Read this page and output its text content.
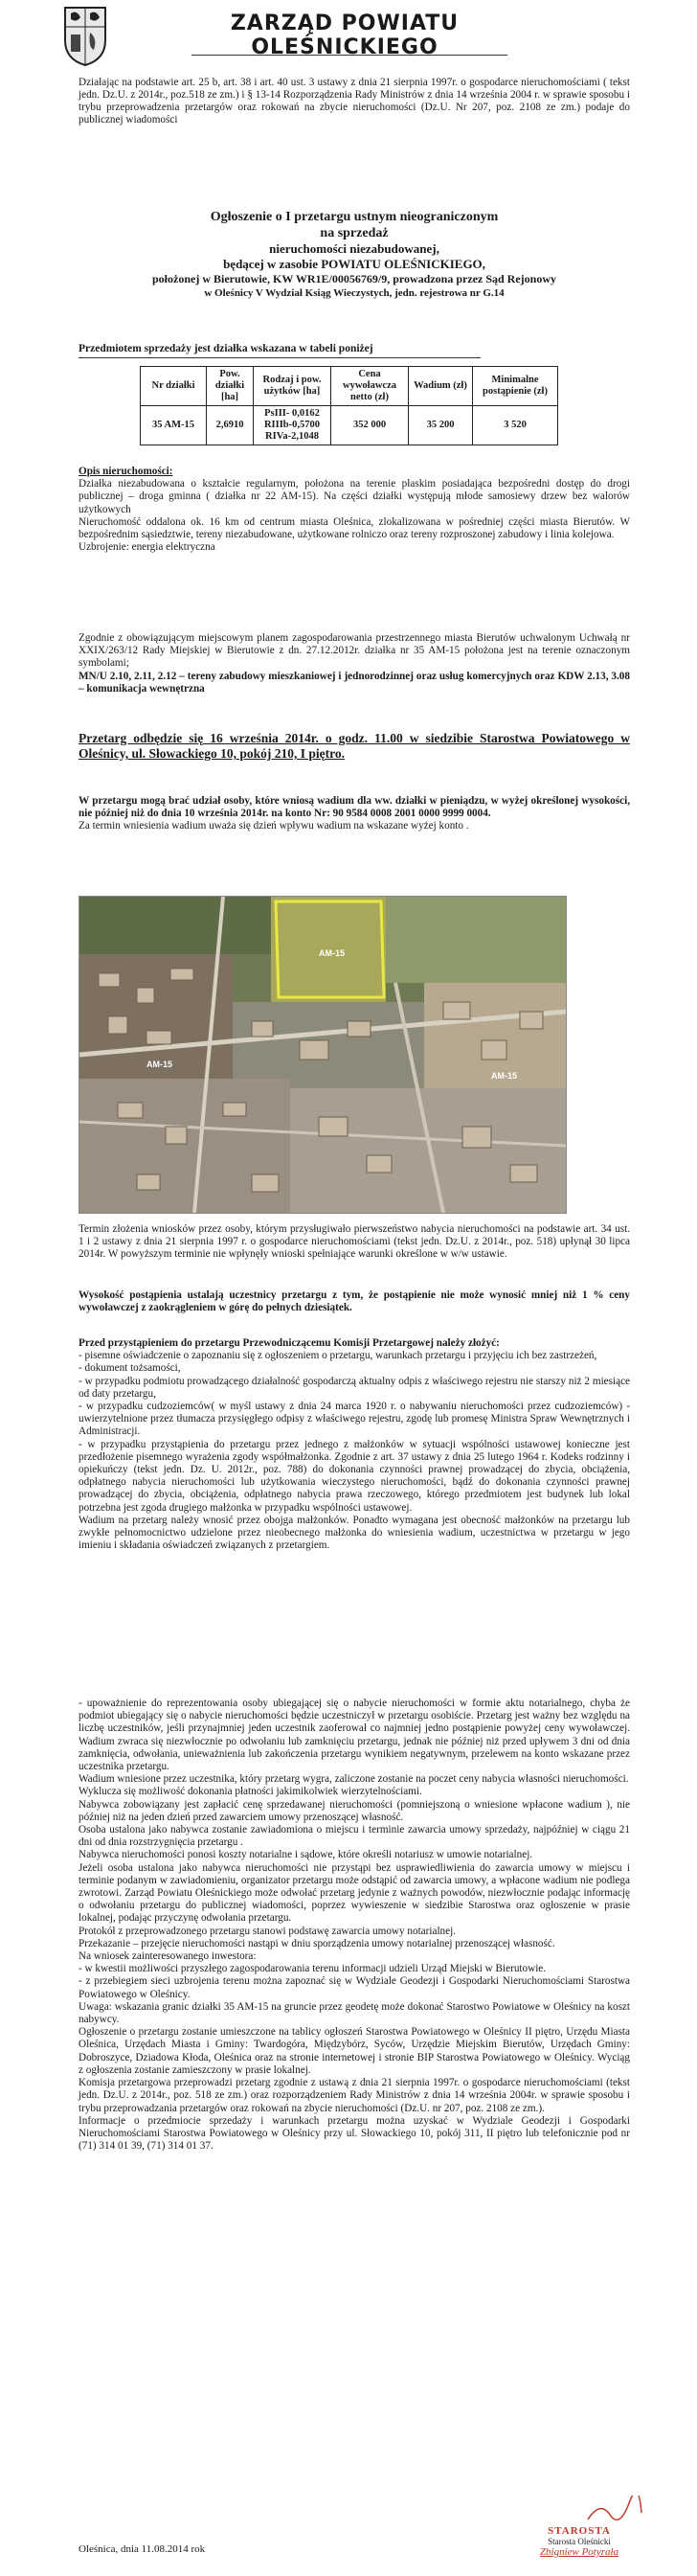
ZARZĄD POWIATU OLEŚNICKIEGO
Działając na podstawie art. 25 b, art. 38 i art. 40 ust. 3 ustawy z dnia 21 sierpnia 1997r. o gospodarce nieruchomościami ( tekst jedn. Dz.U. z 2014r., poz.518 ze zm.) i § 13-14 Rozporządzenia Rady Ministrów z dnia 14 września 2004 r. w sprawie sposobu i trybu przeprowadzenia przetargów oraz rokowań na zbycie nieruchomości (Dz.U. Nr 207, poz. 2108 ze zm.) podaje do publicznej wiadomości
Ogłoszenie o I przetargu ustnym nieograniczonym
na sprzedaż
nieruchomości niezabudowanej,
będącej w zasobie POWIATU OLEŚNICKIEGO,
położonej w Bierutowie, KW WR1E/00056769/9, prowadzona przez Sąd Rejonowy
w Oleśnicy V Wydział Ksiąg Wieczystych, jedn. rejestrowa nr G.14
Przedmiotem sprzedaży jest działka wskazana w tabeli poniżej
Nr działki	Pow. działki [ha]	Rodzaj i pow. użytków [ha]	Cena wywoławcza netto (zł)	Wadium (zł)	Minimalne postąpienie (zł)
35 AM-15	2,6910	PsIII- 0,0162
RIIIb-0,5700
RIVa-2,1048	352 000	35 200	3 520
Opis nieruchomości:
Działka niezabudowana o kształcie regularnym, położona na terenie płaskim posiadająca bezpośredni dostęp do drogi publicznej – droga gminna ( działka nr 22 AM-15). Na części działki występują młode samosiewy drzew bez walorów użytkowych
Nieruchomość oddalona ok. 16 km od centrum miasta Oleśnica, zlokalizowana w pośredniej części miasta Bierutów. W bezpośrednim sąsiedztwie, tereny niezabudowane, użytkowane rolniczo oraz tereny rozproszonej zabudowy i linia kolejowa.
Uzbrojenie: energia elektryczna
Zgodnie z obowiązującym miejscowym planem zagospodarowania przestrzennego miasta Bierutów uchwalonym Uchwałą nr XXIX/263/12 Rady Miejskiej w Bierutowie z dn. 27.12.2012r. działka nr 35 AM-15 położona jest na terenie oznaczonym symbolami;
MN/U 2.10, 2.11, 2.12 – tereny zabudowy mieszkaniowej i jednorodzinnej oraz usług komercyjnych oraz KDW 2.13, 3.08 – komunikacja wewnętrzna
Przetarg odbędzie się 16 września 2014r. o godz. 11.00 w siedzibie Starostwa Powiatowego w Oleśnicy, ul. Słowackiego 10, pokój 210, I piętro.
W przetargu mogą brać udział osoby, które wniosą wadium dla ww. działki w pieniądzu, w wyżej określonej wysokości, nie później niż do dnia 10 września 2014r. na konto Nr: 90 9584 0008 2001 0000 9999 0004.
Za termin wniesienia wadium uważa się dzień wpływu wadium na wskazane wyżej konto .
AM-15
AM-15
AM-15
Termin złożenia wniosków przez osoby, którym przysługiwało pierwszeństwo nabycia nieruchomości na podstawie art. 34 ust. 1 i 2 ustawy z dnia 21 sierpnia 1997 r. o gospodarce nieruchomościami (tekst jedn. Dz.U. z 2014r., poz. 518) upłynął 30 lipca 2014r. W powyższym terminie nie wpłynęły wnioski spełniające warunki określone w w/w ustawie.
Wysokość postąpienia ustalają uczestnicy przetargu z tym, że postąpienie nie może wynosić mniej niż 1 % ceny wywoławczej z zaokrągleniem w górę do pełnych dziesiątek.
Przed przystąpieniem do przetargu Przewodniczącemu Komisji Przetargowej należy złożyć:
- pisemne oświadczenie o zapoznaniu się z ogłoszeniem o przetargu, warunkach przetargu i przyjęciu ich bez zastrzeżeń,
- dokument tożsamości,
- w przypadku podmiotu prowadzącego działalność gospodarczą aktualny odpis z właściwego rejestru nie starszy niż 2 miesiące od daty przetargu,
- w przypadku cudzoziemców( w myśl ustawy z dnia 24 marca 1920 r. o nabywaniu nieruchomości przez cudzoziemców) - uwierzytelnione przez tłumacza przysięgłego odpisy z właściwego rejestru, zgodę lub promesę Ministra Spraw Wewnętrznych i Administracji.
- w przypadku przystąpienia do przetargu przez jednego z małżonków w sytuacji wspólności ustawowej konieczne jest przedłożenie pisemnego wyrażenia zgody współmałżonka. Zgodnie z art. 37 ustawy z dnia 25 lutego 1964 r. Kodeks rodzinny i opiekuńczy (tekst jedn. Dz. U. 2012r., poz. 788) do dokonania czynności prawnej prowadzącej do zbycia, obciążenia, odpłatnego nabycia nieruchomości lub użytkowania wieczystego nieruchomości, bądź do dokonania czynności prawnej prowadzącej do zbycia, obciążenia, odpłatnego nabycia prawa rzeczowego, którego przedmiotem jest budynek lub lokal potrzebna jest zgoda drugiego małżonka w przypadku wspólności ustawowej.
Wadium na przetarg należy wnosić przez obojga małżonków. Ponadto wymagana jest obecność małżonków na przetargu lub zwykłe pełnomocnictwo udzielone przez nieobecnego małżonka do wniesienia wadium, uczestnictwa w przetargu w jego imieniu i składania oświadczeń związanych z przetargiem.
- upoważnienie do reprezentowania osoby ubiegającej się o nabycie nieruchomości w formie aktu notarialnego, chyba że podmiot ubiegający się o nabycie nieruchomości będzie uczestniczył w przetargu osobiście. Przetarg jest ważny bez względu na liczbę uczestników, jeśli przynajmniej jeden uczestnik zaoferował co najmniej jedno postąpienie powyżej ceny wywoławczej. Wadium zwraca się niezwłocznie po odwołaniu lub zamknięciu przetargu, jednak nie później niż przed upływem 3 dni od dnia zamknięcia, odwołania, unieważnienia lub zakończenia przetargu wynikiem negatywnym, przelewem na konto wskazane przez uczestnika przetargu.
Wadium wniesione przez uczestnika, który przetarg wygra, zaliczone zostanie na poczet ceny nabycia własności nieruchomości.
Wyklucza się możliwość dokonania płatności jakimikolwiek wierzytelnościami.
Nabywca zobowiązany jest zapłacić cenę sprzedawanej nieruchomości (pomniejszoną o wniesione wpłacone wadium ), nie później niż na jeden dzień przed zawarciem umowy przenoszącej własność.
Osoba ustalona jako nabywca zostanie zawiadomiona o miejscu i terminie zawarcia umowy sprzedaży, najpóźniej w ciągu 21 dni od dnia rozstrzygnięcia przetargu .
Nabywca nieruchomości ponosi koszty notarialne i sądowe, które określi notariusz w umowie notarialnej.
Jeżeli osoba ustalona jako nabywca nieruchomości nie przystąpi bez usprawiedliwienia do zawarcia umowy w miejscu i terminie podanym w zawiadomieniu, organizator przetargu może odstąpić od zawarcia umowy, a wpłacone wadium nie podlega zwrotowi. Zarząd Powiatu Oleśnickiego może odwołać przetarg jedynie z ważnych powodów, niezwłocznie podając informację o odwołaniu przetargu do publicznej wiadomości, poprzez wywieszenie w siedzibie Starostwa oraz ogłoszenie w prasie lokalnej, podając przyczynę odwołania przetargu.
Protokół z przeprowadzonego przetargu stanowi podstawę zawarcia umowy notarialnej.
Przekazanie – przejęcie nieruchomości nastąpi w dniu sporządzenia umowy notarialnej przenoszącej własność.
Na wniosek zainteresowanego inwestora:
- w kwestii możliwości przyszłego zagospodarowania terenu informacji udzieli Urząd Miejski w Bierutowie.
- z przebiegiem sieci uzbrojenia terenu można zapoznać się w Wydziale Geodezji i Gospodarki Nieruchomościami Starostwa Powiatowego w Oleśnicy.
Uwaga: wskazania granic działki 35 AM-15 na gruncie przez geodetę może dokonać Starostwo Powiatowe w Oleśnicy na koszt nabywcy.
Ogłoszenie o przetargu zostanie umieszczone na tablicy ogłoszeń Starostwa Powiatowego w Oleśnicy II piętro, Urzędu Miasta Oleśnica, Urzędach Miasta i Gminy: Twardogóra, Międzybórz, Syców, Urzędzie Miejskim Bierutów, Urzędach Gminy: Dobroszyce, Dziadowa Kłoda, Oleśnica oraz na stronie internetowej i stronie BIP Starostwa Powiatowego w Oleśnicy. Wyciąg z ogłoszenia zostanie zamieszczony w prasie lokalnej.
Komisja przetargowa przeprowadzi przetarg zgodnie z ustawą z dnia 21 sierpnia 1997r. o gospodarce nieruchomościami (tekst jedn. Dz.U. z 2014r., poz. 518 ze zm.) oraz rozporządzeniem Rady Ministrów z dnia 14 września 2004r. w sprawie sposobu i trybu przeprowadzania przetargów oraz rokowań na zbycie nieruchomości (Dz.U. nr 207, poz. 2108 ze zm.).
Informacje o przedmiocie sprzedaży i warunkach przetargu można uzyskać w Wydziale Geodezji i Gospodarki Nieruchomościami Starostwa Powiatowego w Oleśnicy przy ul. Słowackiego 10, pokój 311, II piętro lub telefonicznie pod nr (71) 314 01 39, (71) 314 01 37.
Oleśnica, dnia 11.08.2014 rok
STAROSTA
Starosta Oleśnicki
Zbigniew Potyrała
